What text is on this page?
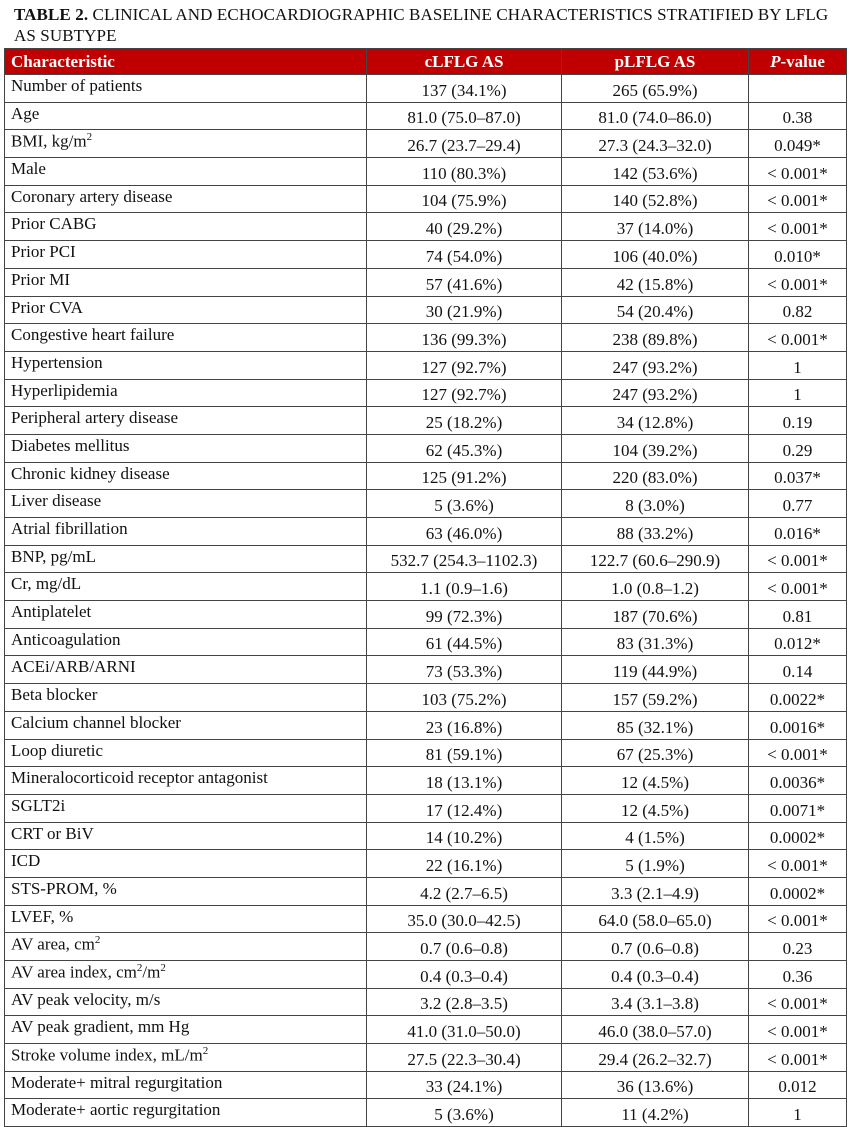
TABLE 2. CLINICAL AND ECHOCARDIOGRAPHIC BASELINE CHARACTERISTICS STRATIFIED BY LFLG AS SUBTYPE
Characteristic	cLFLG AS	pLFLG AS	P-value
Number of patients	137 (34.1%)	265 (65.9%)	
Age	81.0 (75.0–87.0)	81.0 (74.0–86.0)	0.38
BMI, $kg/m^2$	26.7 (23.7–29.4)	27.3 (24.3–32.0)	0.049*
Male	110 (80.3%)	142 (53.6%)	< 0.001*
Coronary artery disease	104 (75.9%)	140 (52.8%)	< 0.001*
Prior CABG	40 (29.2%)	37 (14.0%)	< 0.001*
Prior PCI	74 (54.0%)	106 (40.0%)	0.010*
Prior MI	57 (41.6%)	42 (15.8%)	< 0.001*
Prior CVA	30 (21.9%)	54 (20.4%)	0.82
Congestive heart failure	136 (99.3%)	238 (89.8%)	< 0.001*
Hypertension	127 (92.7%)	247 (93.2%)	1
Hyperlipidemia	127 (92.7%)	247 (93.2%)	1
Peripheral artery disease	25 (18.2%)	34 (12.8%)	0.19
Diabetes mellitus	62 (45.3%)	104 (39.2%)	0.29
Chronic kidney disease	125 (91.2%)	220 (83.0%)	0.037*
Liver disease	5 (3.6%)	8 (3.0%)	0.77
Atrial fibrillation	63 (46.0%)	88 (33.2%)	0.016*
BNP, pg/mL	532.7 (254.3–1102.3)	122.7 (60.6–290.9)	< 0.001*
Cr, mg/dL	1.1 (0.9–1.6)	1.0 (0.8–1.2)	< 0.001*
Antiplatelet	99 (72.3%)	187 (70.6%)	0.81
Anticoagulation	61 (44.5%)	83 (31.3%)	0.012*
ACEi/ARB/ARNI	73 (53.3%)	119 (44.9%)	0.14
Beta blocker	103 (75.2%)	157 (59.2%)	0.0022*
Calcium channel blocker	23 (16.8%)	85 (32.1%)	0.0016*
Loop diuretic	81 (59.1%)	67 (25.3%)	< 0.001*
Mineralocorticoid receptor antagonist	18 (13.1%)	12 (4.5%)	0.0036*
SGLT2i	17 (12.4%)	12 (4.5%)	0.0071*
CRT or BiV	14 (10.2%)	4 (1.5%)	0.0002*
ICD	22 (16.1%)	5 (1.9%)	< 0.001*
STS-PROM, %	4.2 (2.7–6.5)	3.3 (2.1–4.9)	0.0002*
LVEF, %	35.0 (30.0–42.5)	64.0 (58.0–65.0)	< 0.001*
AV area, $cm^2$	0.7 (0.6–0.8)	0.7 (0.6–0.8)	0.23
AV area index, $cm^2/m^2$	0.4 (0.3–0.4)	0.4 (0.3–0.4)	0.36
AV peak velocity, m/s	3.2 (2.8–3.5)	3.4 (3.1–3.8)	< 0.001*
AV peak gradient, mm Hg	41.0 (31.0–50.0)	46.0 (38.0–57.0)	< 0.001*
Stroke volume index, $mL/m^2$	27.5 (22.3–30.4)	29.4 (26.2–32.7)	< 0.001*
Moderate+ mitral regurgitation	33 (24.1%)	36 (13.6%)	0.012
Moderate+ aortic regurgitation	5 (3.6%)	11 (4.2%)	1
